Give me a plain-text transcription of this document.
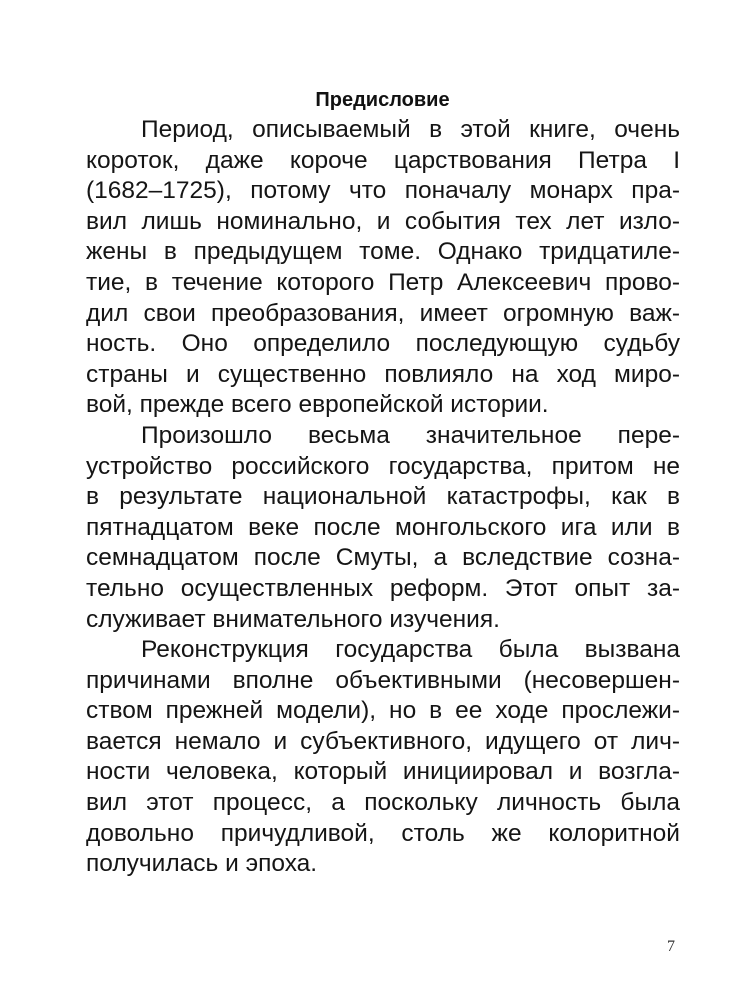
Предисловие
Период, описываемый в этой книге, очень
короток, даже короче царствования Петра I
(1682–1725), потому что поначалу монарх пра-
вил лишь номинально, и события тех лет изло-
жены в предыдущем томе. Однако тридцатиле-
тие, в течение которого Петр Алексеевич прово-
дил свои преобразования, имеет огромную важ-
ность. Оно определило последующую судьбу
страны и существенно повлияло на ход миро-
вой, прежде всего европейской истории.
Произошло весьма значительное пере-
устройство российского государства, притом не
в результате национальной катастрофы, как в
пятнадцатом веке после монгольского ига или в
семнадцатом после Смуты, а вследствие созна-
тельно осуществленных реформ. Этот опыт за-
служивает внимательного изучения.
Реконструкция государства была вызвана
причинами вполне объективными (несовершен-
ством прежней модели), но в ее ходе прослежи-
вается немало и субъективного, идущего от лич-
ности человека, который инициировал и возгла-
вил этот процесс, а поскольку личность была
довольно причудливой, столь же колоритной
получилась и эпоха.
7
